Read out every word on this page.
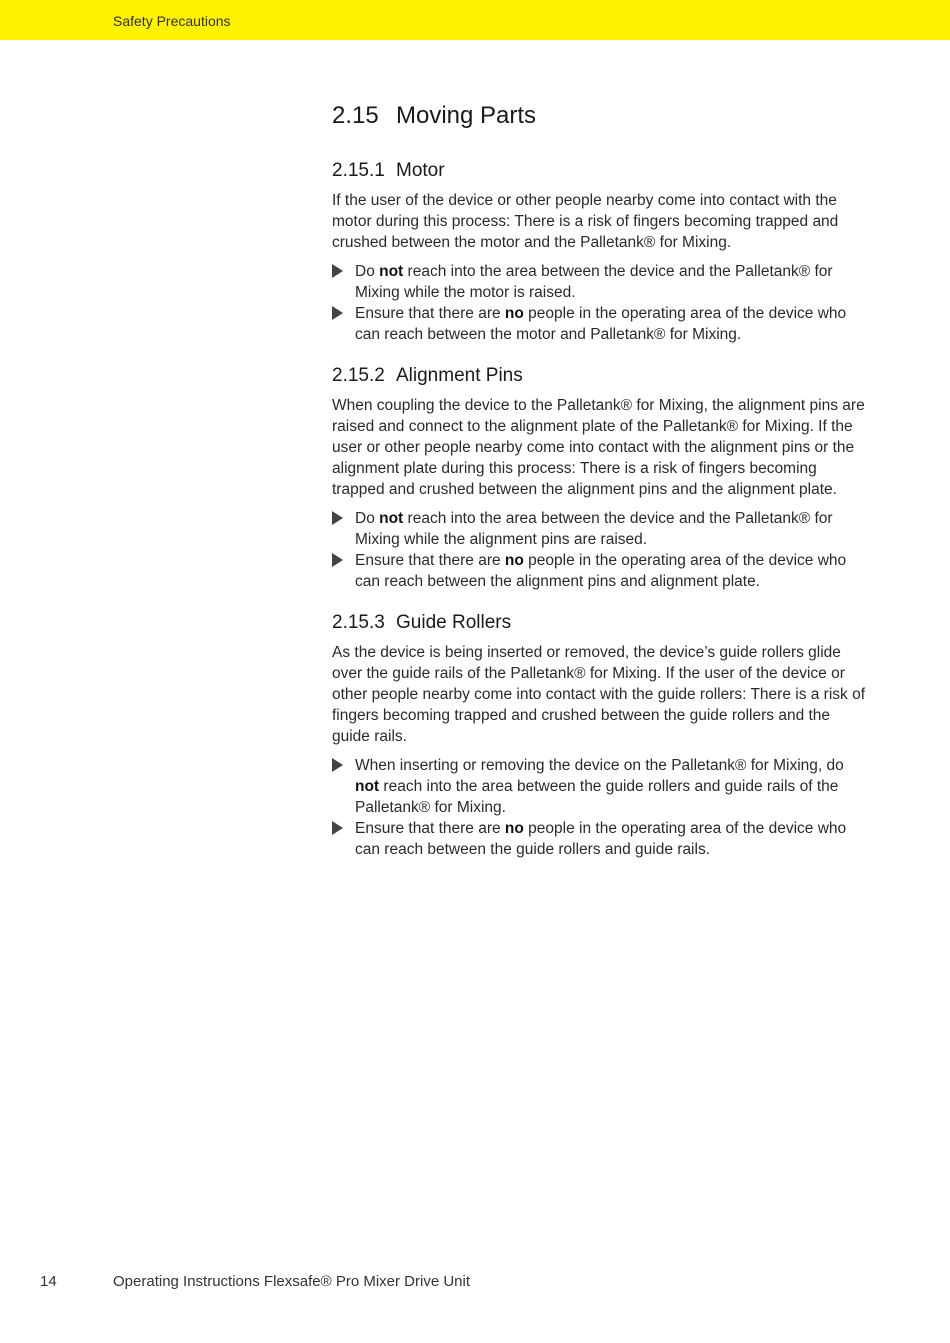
Safety Precautions
2.15 Moving Parts
2.15.1 Motor

If the user of the device or other people nearby come into contact with the motor during this process: There is a risk of fingers becoming trapped and crushed between the motor and the Palletank® for Mixing.

Do not reach into the area between the device and the Palletank® for Mixing while the motor is raised.
Ensure that there are no people in the operating area of the device who can reach between the motor and Palletank® for Mixing.
2.15.2 Alignment Pins

When coupling the device to the Palletank® for Mixing, the alignment pins are raised and connect to the alignment plate of the Palletank® for Mixing. If the user or other people nearby come into contact with the alignment pins or the alignment plate during this process: There is a risk of fingers becoming trapped and crushed between the alignment pins and the alignment plate.

Do not reach into the area between the device and the Palletank® for Mixing while the alignment pins are raised.
Ensure that there are no people in the operating area of the device who can reach between the alignment pins and alignment plate.
2.15.3 Guide Rollers

As the device is being inserted or removed, the device’s guide rollers glide over the guide rails of the Palletank® for Mixing. If the user of the device or other people nearby come into contact with the guide rollers: There is a risk of fingers becoming trapped and crushed between the guide rollers and the guide rails.

When inserting or removing the device on the Palletank® for Mixing, do not reach into the area between the guide rollers and guide rails of the Palletank® for Mixing.
Ensure that there are no people in the operating area of the device who can reach between the guide rollers and guide rails.
14	Operating Instructions Flexsafe® Pro Mixer Drive Unit
